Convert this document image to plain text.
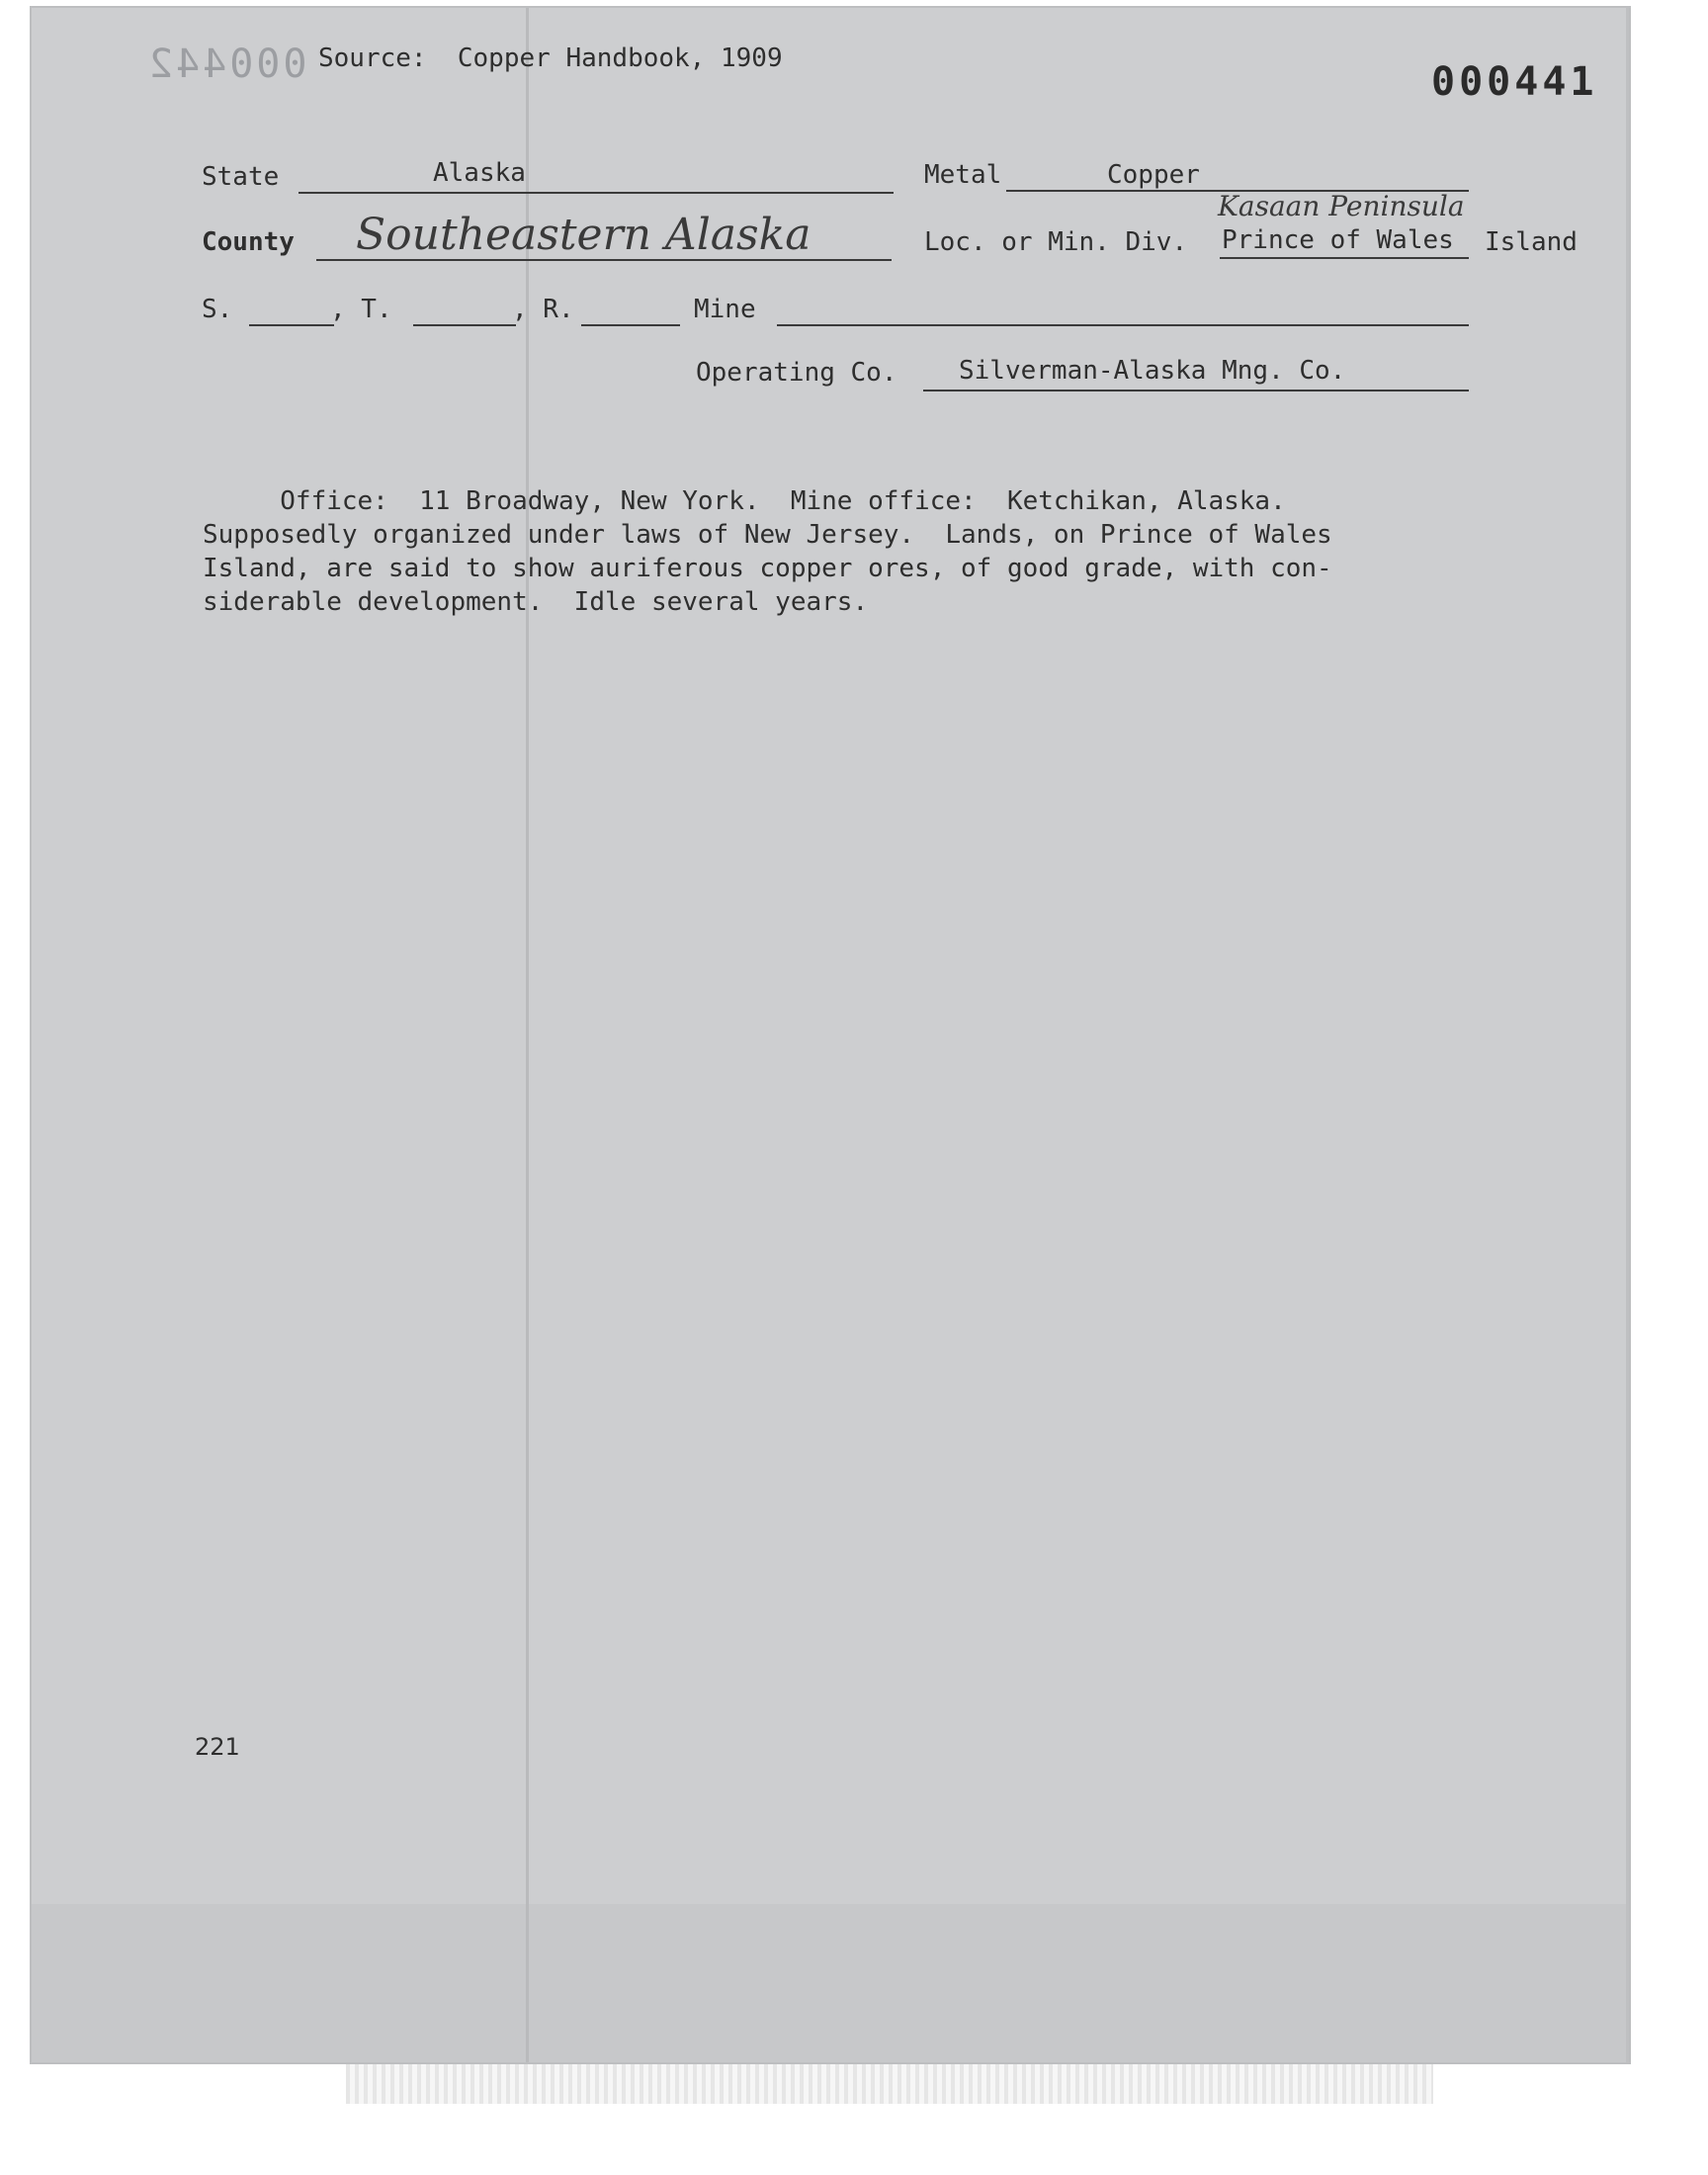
000442 Source:  Copper Handbook, 1909
000441
State	Alaska	Metal	Copper
County Southeastern Alaska	Loc. or Min. Div.
Kasaan Peninsula
Prince of Wales Island
S.	, T.	, R.	Mine
Operating Co. Silverman-Alaska Mng. Co.
Office:  11 Broadway, New York.  Mine office:  Ketchikan, Alaska.
Supposedly organized under laws of New Jersey.  Lands, on Prince of Wales
Island, are said to show auriferous copper ores, of good grade, with con-
siderable development.  Idle several years.
221
